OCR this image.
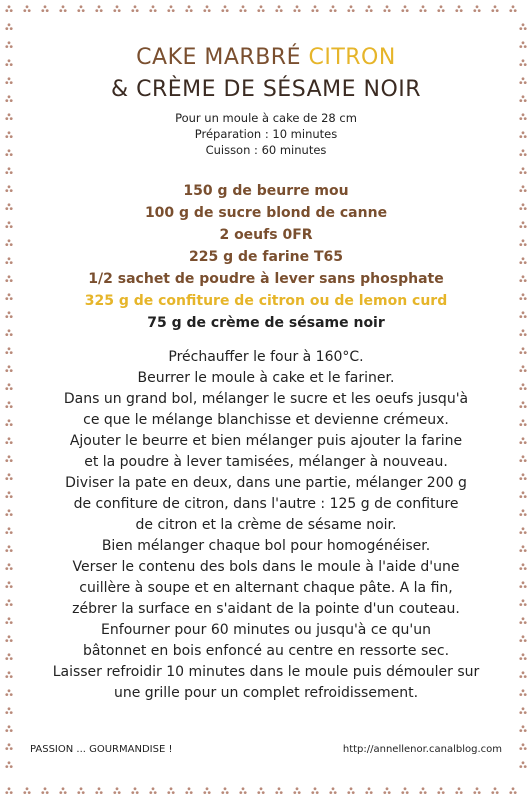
CAKE MARBRÉ CITRON
& CRÈME DE SÉSAME NOIR
Pour un moule à cake de 28 cm
Préparation : 10 minutes
Cuisson : 60 minutes
150 g de beurre mou
100 g de sucre blond de canne
2 oeufs 0FR
225 g de farine T65
1/2 sachet de poudre à lever sans phosphate
325 g de confiture de citron ou de lemon curd
75 g de crème de sésame noir
Préchauffer le four à 160°C.
Beurrer le moule à cake et le fariner.
Dans un grand bol, mélanger le sucre et les oeufs jusqu'à
ce que le mélange blanchisse et devienne crémeux.
Ajouter le beurre et bien mélanger puis ajouter la farine
et la poudre à lever tamisées, mélanger à nouveau.
Diviser la pate en deux, dans une partie, mélanger 200 g
de confiture de citron, dans l'autre : 125 g de confiture
de citron et la crème de sésame noir.
Bien mélanger chaque bol pour homogénéiser.
Verser le contenu des bols dans le moule à l'aide d'une
cuillère à soupe et en alternant chaque pâte. A la fin,
zébrer la surface en s'aidant de la pointe d'un couteau.
Enfourner pour 60 minutes ou jusqu'à ce qu'un
bâtonnet en bois enfoncé au centre en ressorte sec.
Laisser refroidir 10 minutes dans le moule puis démouler sur
une grille pour un complet refroidissement.
PASSION ... GOURMANDISE !	http://annellenor.canalblog.com
